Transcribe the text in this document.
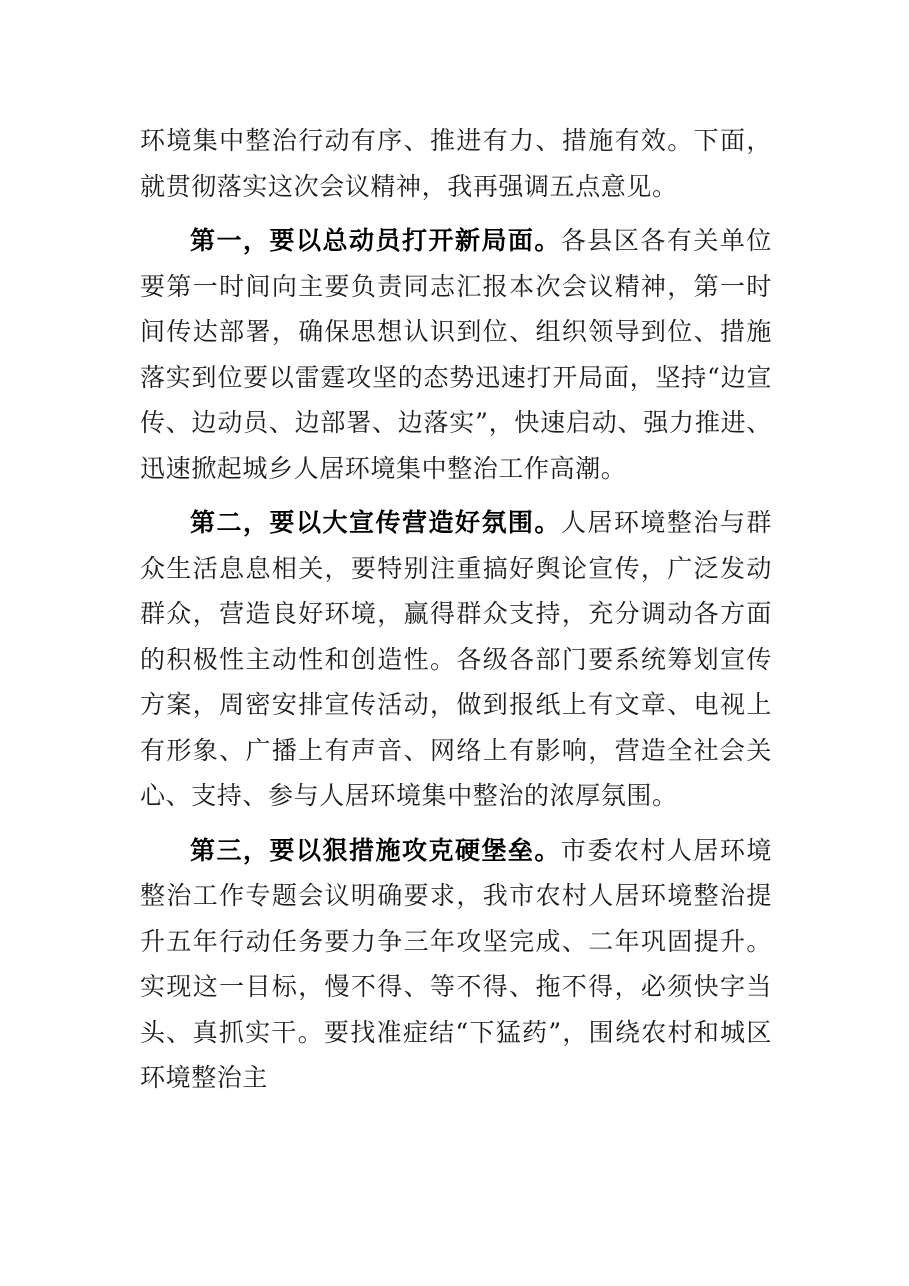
环境集中整治行动有序、推进有力、措施有效。下面，就贯彻落实这次会议精神，我再强调五点意见。

第一，要以总动员打开新局面。各县区各有关单位要第一时间向主要负责同志汇报本次会议精神，第一时间传达部署，确保思想认识到位、组织领导到位、措施落实到位要以雷霆攻坚的态势迅速打开局面，坚持“边宣传、边动员、边部署、边落实”，快速启动、强力推进、迅速掀起城乡人居环境集中整治工作高潮。

第二，要以大宣传营造好氛围。人居环境整治与群众生活息息相关，要特别注重搞好舆论宣传，广泛发动群众，营造良好环境，赢得群众支持，充分调动各方面的积极性主动性和创造性。各级各部门要系统筹划宣传方案，周密安排宣传活动，做到报纸上有文章、电视上有形象、广播上有声音、网络上有影响，营造全社会关心、支持、参与人居环境集中整治的浓厚氛围。

第三，要以狠措施攻克硬堡垒。市委农村人居环境整治工作专题会议明确要求，我市农村人居环境整治提升五年行动任务要力争三年攻坚完成、二年巩固提升。实现这一目标，慢不得、等不得、拖不得，必须快字当头、真抓实干。要找准症结“下猛药”，围绕农村和城区环境整治主
